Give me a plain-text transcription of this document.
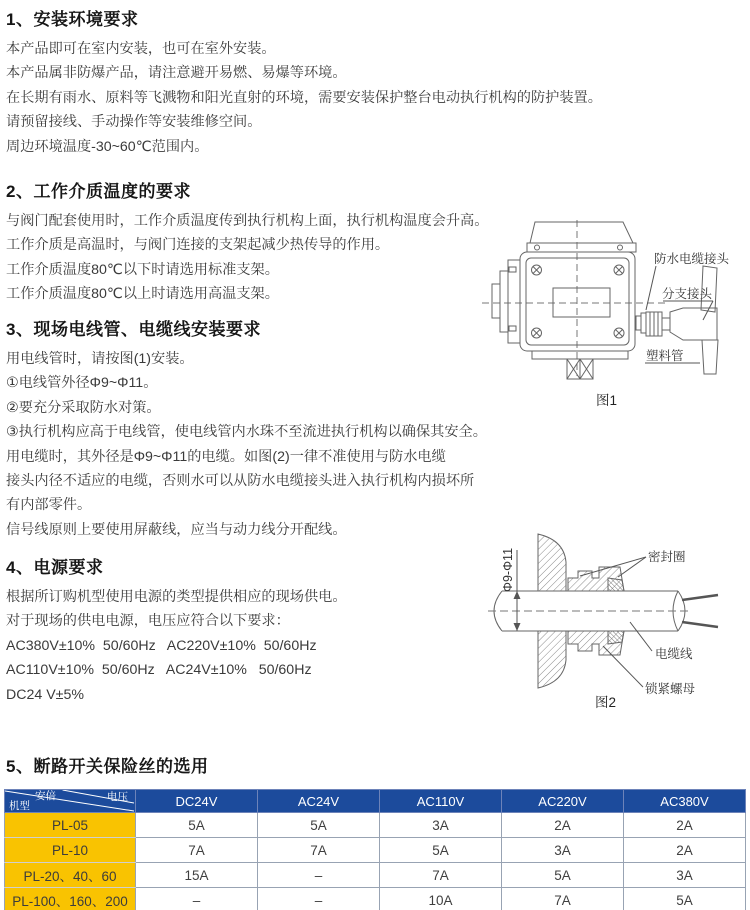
1、安装环境要求
本产品即可在室内安装，也可在室外安装。
本产品属非防爆产品，请注意避开易燃、易爆等环境。
在长期有雨水、原料等飞溅物和阳光直射的环境，需要安装保护整台电动执行机构的防护装置。
请预留接线、手动操作等安装维修空间。
周边环境温度-30~60℃范围内。
2、工作介质温度的要求
与阀门配套使用时，工作介质温度传到执行机构上面，执行机构温度会升高。
工作介质是高温时，与阀门连接的支架起减少热传导的作用。
工作介质温度80℃以下时请选用标准支架。
工作介质温度80℃以上时请选用高温支架。
3、现场电线管、电缆线安装要求
用电线管时，请按图(1)安装。
①电线管外径Φ9~Φ11。
②要充分采取防水对策。
③执行机构应高于电线管，使电线管内水珠不至流进执行机构以确保其安全。
用电缆时，其外径是Φ9~Φ11的电缆。如图(2)一律不准使用与防水电缆
接头内径不适应的电缆，否则水可以从防水电缆接头进入执行机构内损坏所
有内部零件。
信号线原则上要使用屏蔽线，应当与动力线分开配线。
4、电源要求
根据所订购机型使用电源的类型提供相应的现场供电。
对于现场的供电电源，电压应符合以下要求：
AC380V±10%  50/60Hz   AC220V±10%  50/60Hz
AC110V±10%  50/60Hz   AC24V±10%   50/60Hz
DC24 V±5%
防水电缆接头
分支接头
塑料管
图1
Φ9-Φ11	密封圈
电缆线
锁紧螺母
图2
5、断路开关保险丝的选用
安倍 电压
机型	DC24V	AC24V	AC110V	AC220V	AC380V
PL-05	5A	5A	3A	2A	2A
PL-10	7A	7A	5A	3A	2A
PL-20、40、60	15A	–	7A	5A	3A
PL-100、160、200	–	–	10A	7A	5A
